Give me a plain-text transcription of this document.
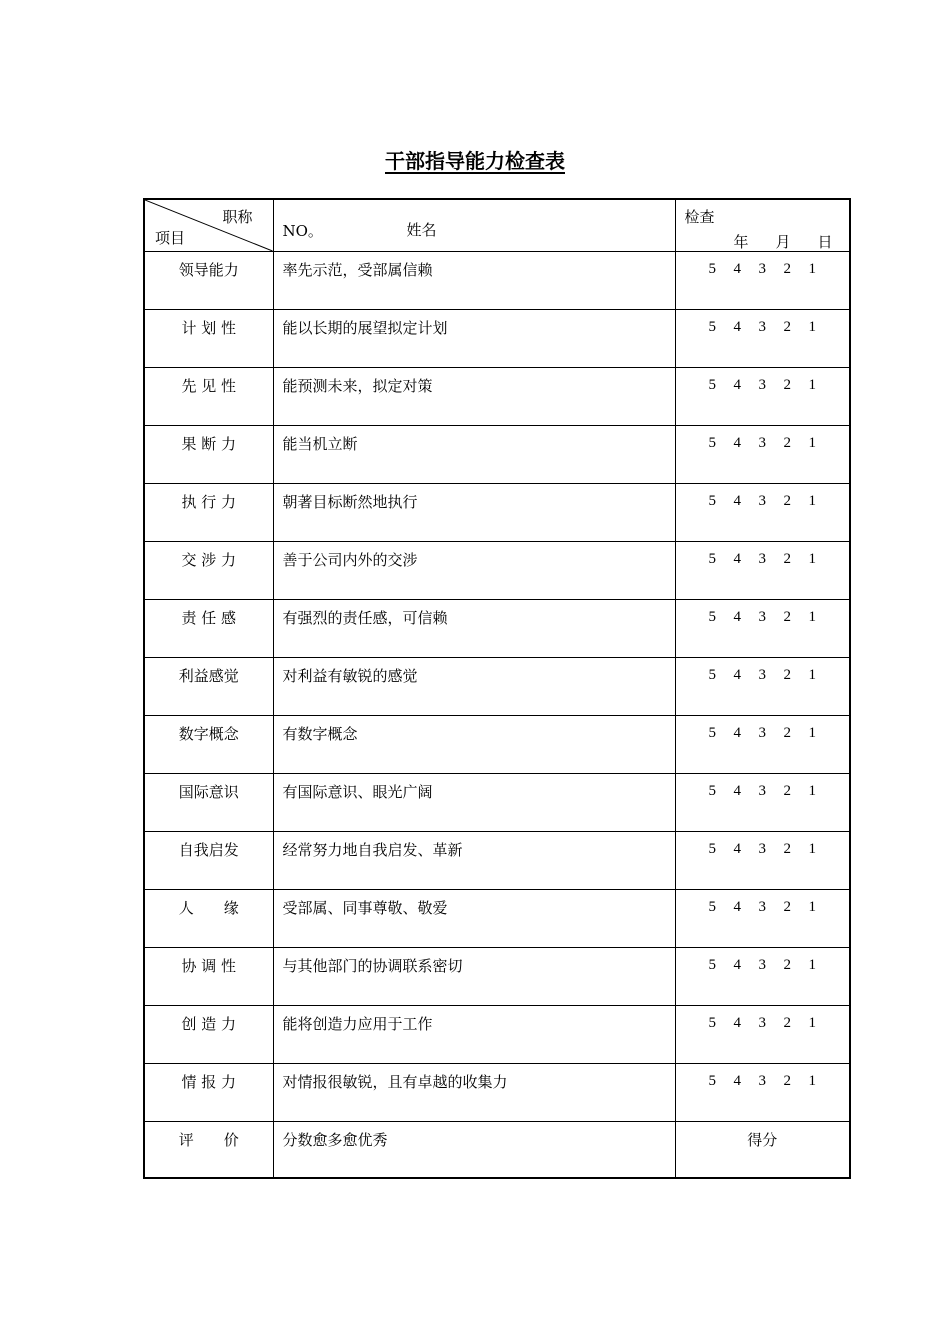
干部指导能力检查表
职称
项目	NO。 姓名	检查
年 月 日

领导能力	率先示范，受部属信赖	5 4 3 2 1
计 划 性	能以长期的展望拟定计划	5 4 3 2 1
先 见 性	能预测未来，拟定对策	5 4 3 2 1
果 断 力	能当机立断	5 4 3 2 1
执 行 力	朝著目标断然地执行	5 4 3 2 1
交 涉 力	善于公司内外的交涉	5 4 3 2 1
责 任 感	有强烈的责任感，可信赖	5 4 3 2 1
利益感觉	对利益有敏锐的感觉	5 4 3 2 1
数字概念	有数字概念	5 4 3 2 1
国际意识	有国际意识、眼光广阔	5 4 3 2 1
自我启发	经常努力地自我启发、革新	5 4 3 2 1
人　　缘	受部属、同事尊敬、敬爱	5 4 3 2 1
协 调 性	与其他部门的协调联系密切	5 4 3 2 1
创 造 力	能将创造力应用于工作	5 4 3 2 1
情 报 力	对情报很敏锐，且有卓越的收集力	5 4 3 2 1
评　　价	分数愈多愈优秀	得分
